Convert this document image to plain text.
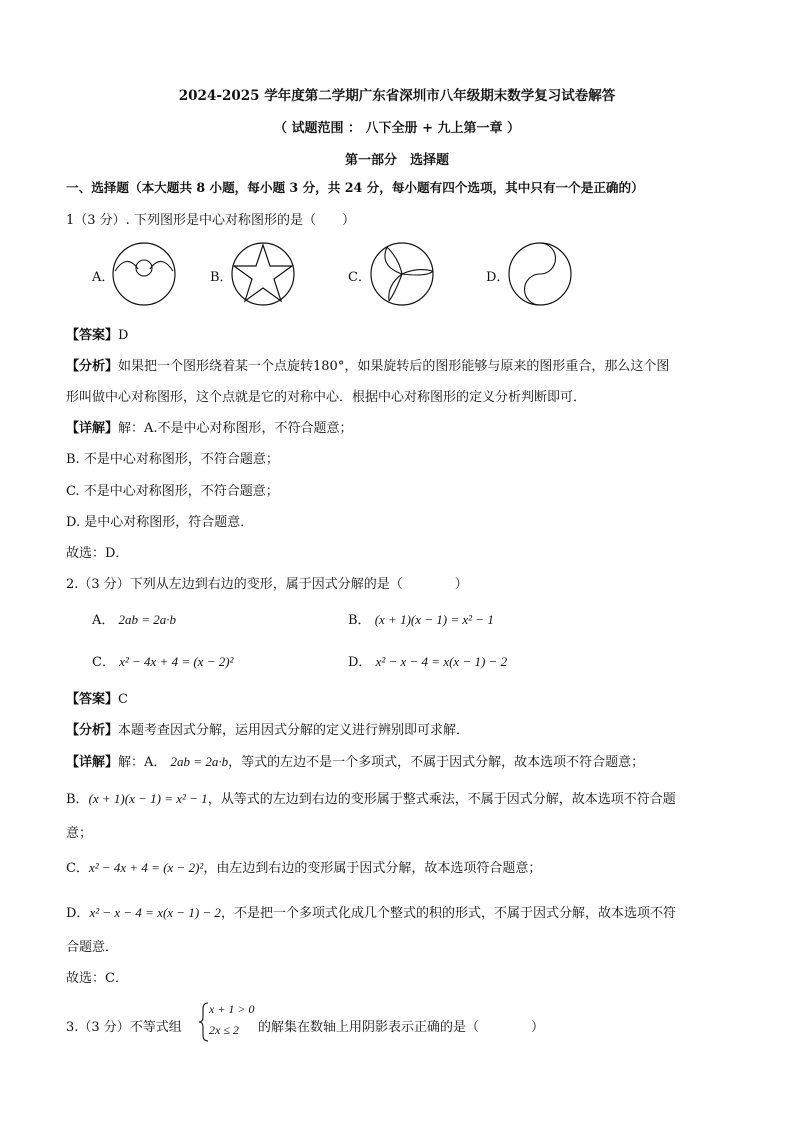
2024-2025 学年度第二学期广东省深圳市八年级期末数学复习试卷解答
（ 试题范围 ： 八下全册 + 九上第一章 ）
第一部分　选择题
一、选择题（本大题共 8 小题，每小题 3 分，共 24 分，每小题有四个选项，其中只有一个是正确的）
1（3 分）. 下列图形是中心对称图形的是（　　）
A．	B．	C．	D．
【答案】D
【分析】如果把一个图形绕着某一个点旋转180°，如果旋转后的图形能够与原来的图形重合，那么这个图
形叫做中心对称图形，这个点就是它的对称中心．根据中心对称图形的定义分析判断即可．
【详解】解：A.不是中心对称图形，不符合题意；
B. 不是中心对称图形，不符合题意；
C. 不是中心对称图形，不符合题意；
D. 是中心对称图形，符合题意．
故选：D．
2.（3 分）下列从左边到右边的变形，属于因式分解的是（　　　　）
A． 2ab = 2a·b	B． (x + 1)(x − 1) = x² − 1
C． x² − 4x + 4 = (x − 2)²	D． x² − x − 4 = x(x − 1) − 2
【答案】C
【分析】本题考查因式分解，运用因式分解的定义进行辨别即可求解．
【详解】解：A． 2ab = 2a·b，等式的左边不是一个多项式，不属于因式分解，故本选项不符合题意；
B．(x + 1)(x − 1) = x² − 1，从等式的左边到右边的变形属于整式乘法，不属于因式分解，故本选项不符合题
意；
C．x² − 4x + 4 = (x − 2)²，由左边到右边的变形属于因式分解，故本选项符合题意；
D．x² − x − 4 = x(x − 1) − 2，不是把一个多项式化成几个整式的积的形式，不属于因式分解，故本选项不符
合题意．
故选：C．
3.（3 分）不等式组
x + 1 > 0
2x ≤ 2 的解集在数轴上用阴影表示正确的是（　　　　）
